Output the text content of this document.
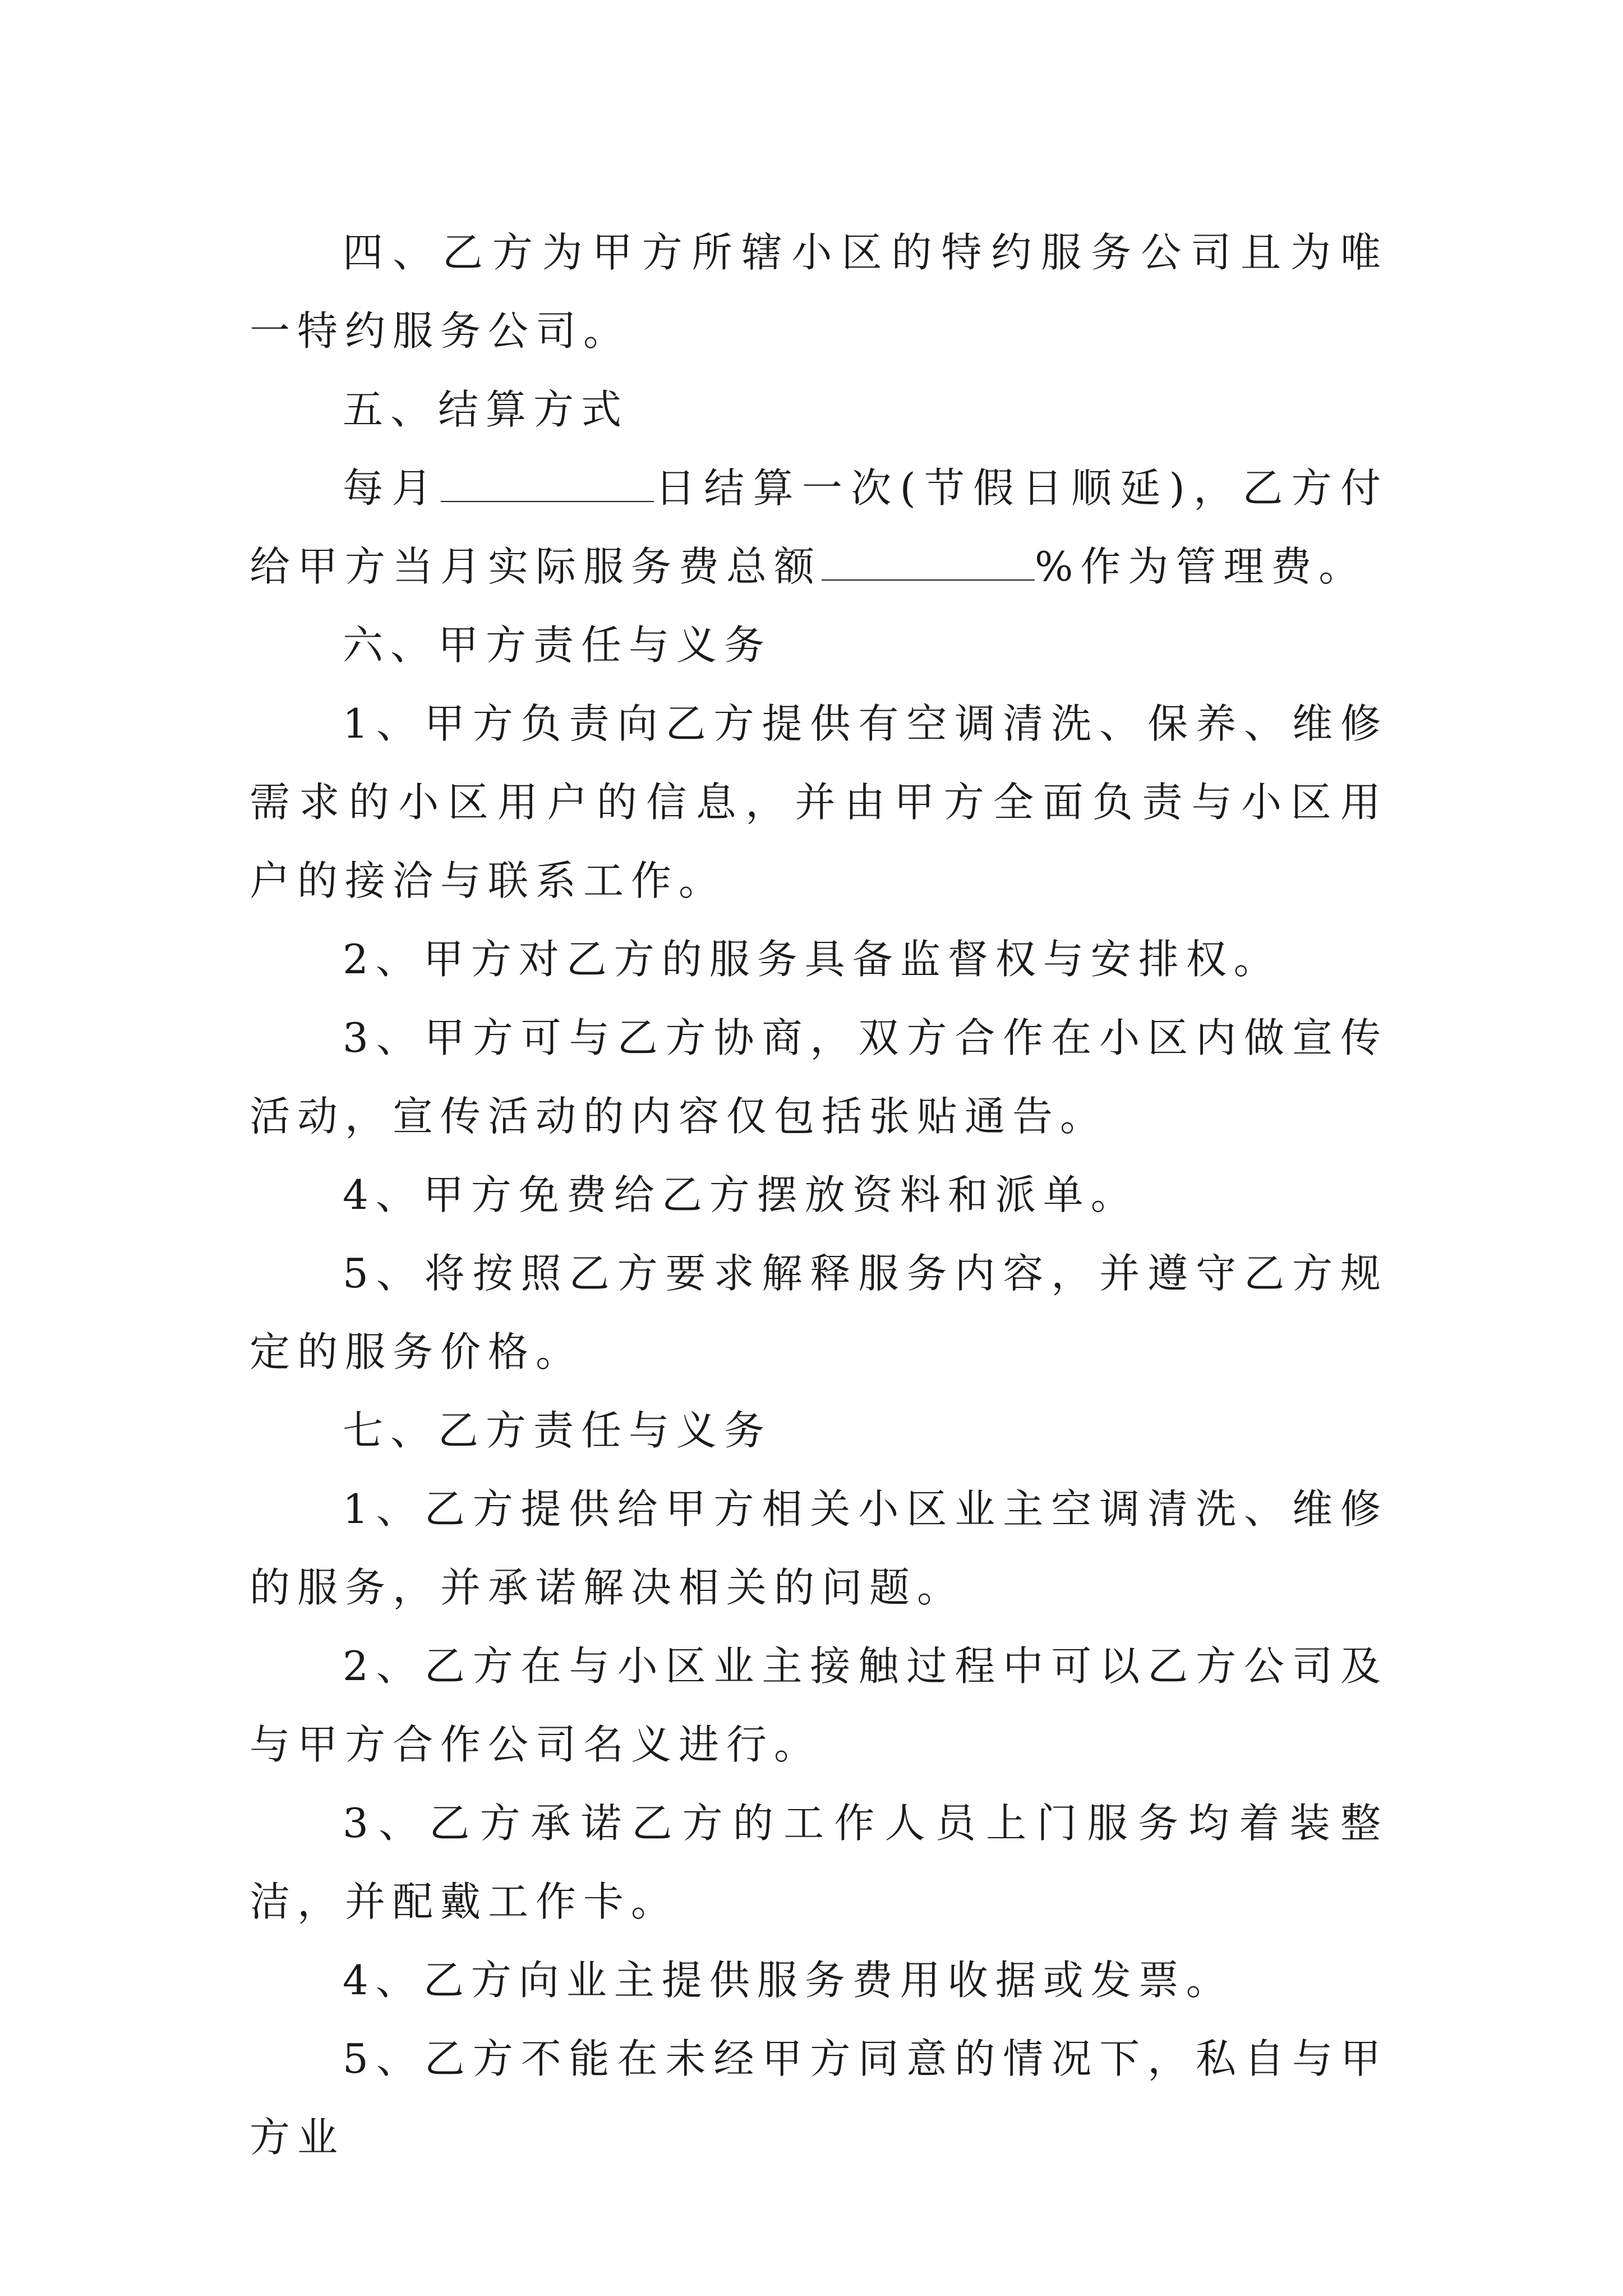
四、乙方为甲方所辖小区的特约服务公司且为唯一特约服务公司。

五、结算方式

每月	日结算一次(节假日顺延)，乙方付给甲方当月实际服务费总额	%作为管理费。

六、甲方责任与义务

1、甲方负责向乙方提供有空调清洗、保养、维修需求的小区用户的信息，并由甲方全面负责与小区用户的接洽与联系工作。

2、甲方对乙方的服务具备监督权与安排权。

3、甲方可与乙方协商，双方合作在小区内做宣传活动，宣传活动的内容仅包括张贴通告。

4、甲方免费给乙方摆放资料和派单。

5、将按照乙方要求解释服务内容，并遵守乙方规定的服务价格。

七、乙方责任与义务

1、乙方提供给甲方相关小区业主空调清洗、维修的服务，并承诺解决相关的问题。

2、乙方在与小区业主接触过程中可以乙方公司及与甲方合作公司名义进行。

3、乙方承诺乙方的工作人员上门服务均着装整洁，并配戴工作卡。

4、乙方向业主提供服务费用收据或发票。

5、乙方不能在未经甲方同意的情况下，私自与甲方业
